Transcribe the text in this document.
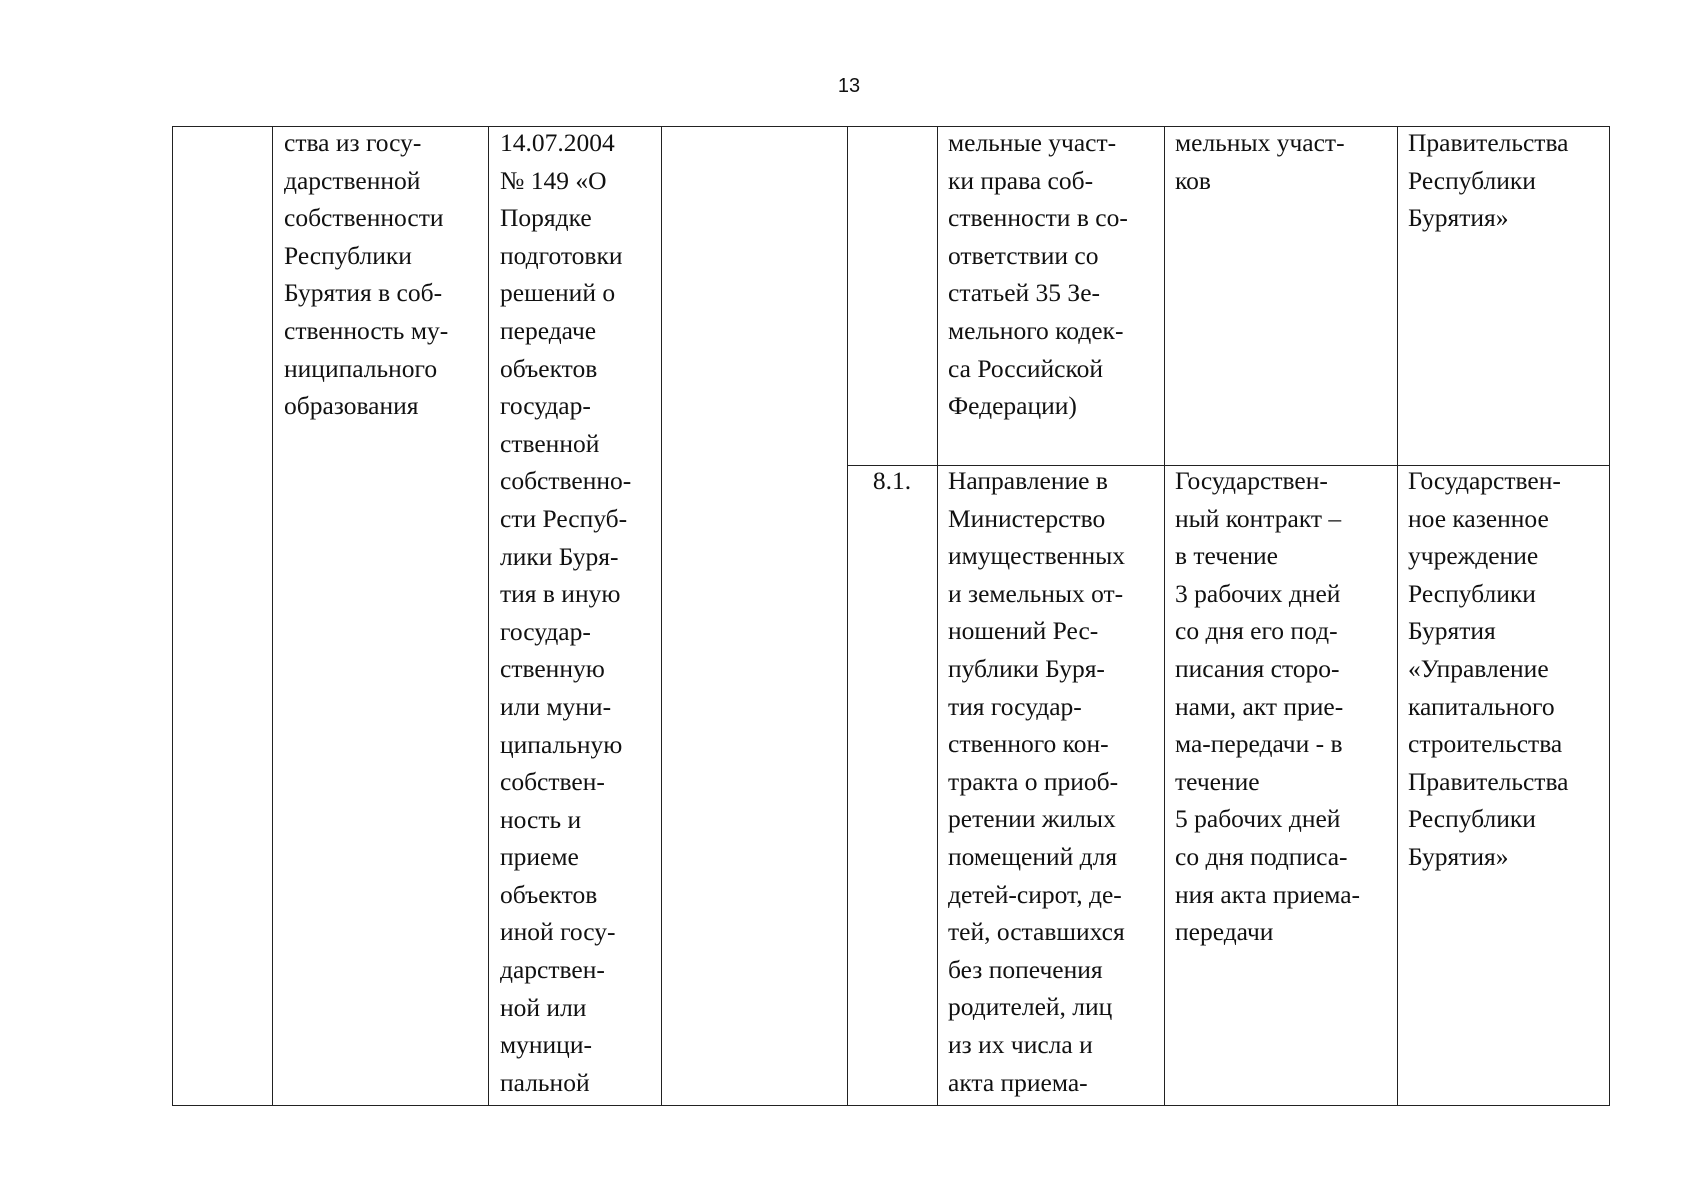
13
ства из госу-
дарственной
собственности
Республики
Бурятия в соб-
ственность му-
ниципального
образования
14.07.2004
№ 149 «О
Порядке
подготовки
решений о
передаче
объектов
государ-
ственной
собственно-
сти Респуб-
лики Буря-
тия в иную
государ-
ственную
или муни-
ципальную
собствен-
ность и
приеме
объектов
иной госу-
дарствен-
ной или
муници-
пальной
мельные участ-
ки права соб-
ственности в со-
ответствии со
статьей 35 Зе-
мельного кодек-
са Российской
Федерации)
мельных участ-
ков
Правительства
Республики
Бурятия»
8.1.	Направление в
Министерство
имущественных
и земельных от-
ношений Рес-
публики Буря-
тия государ-
ственного кон-
тракта о приоб-
ретении жилых
помещений для
детей-сирот, де-
тей, оставшихся
без попечения
родителей, лиц
из их числа и
акта приема-
Государствен-
ный контракт –
в течение
3 рабочих дней
со дня его под-
писания сторо-
нами, акт прие-
ма-передачи - в
течение
5 рабочих дней
со дня подписа-
ния акта приема-
передачи
Государствен-
ное казенное
учреждение
Республики
Бурятия
«Управление
капитального
строительства
Правительства
Республики
Бурятия»
